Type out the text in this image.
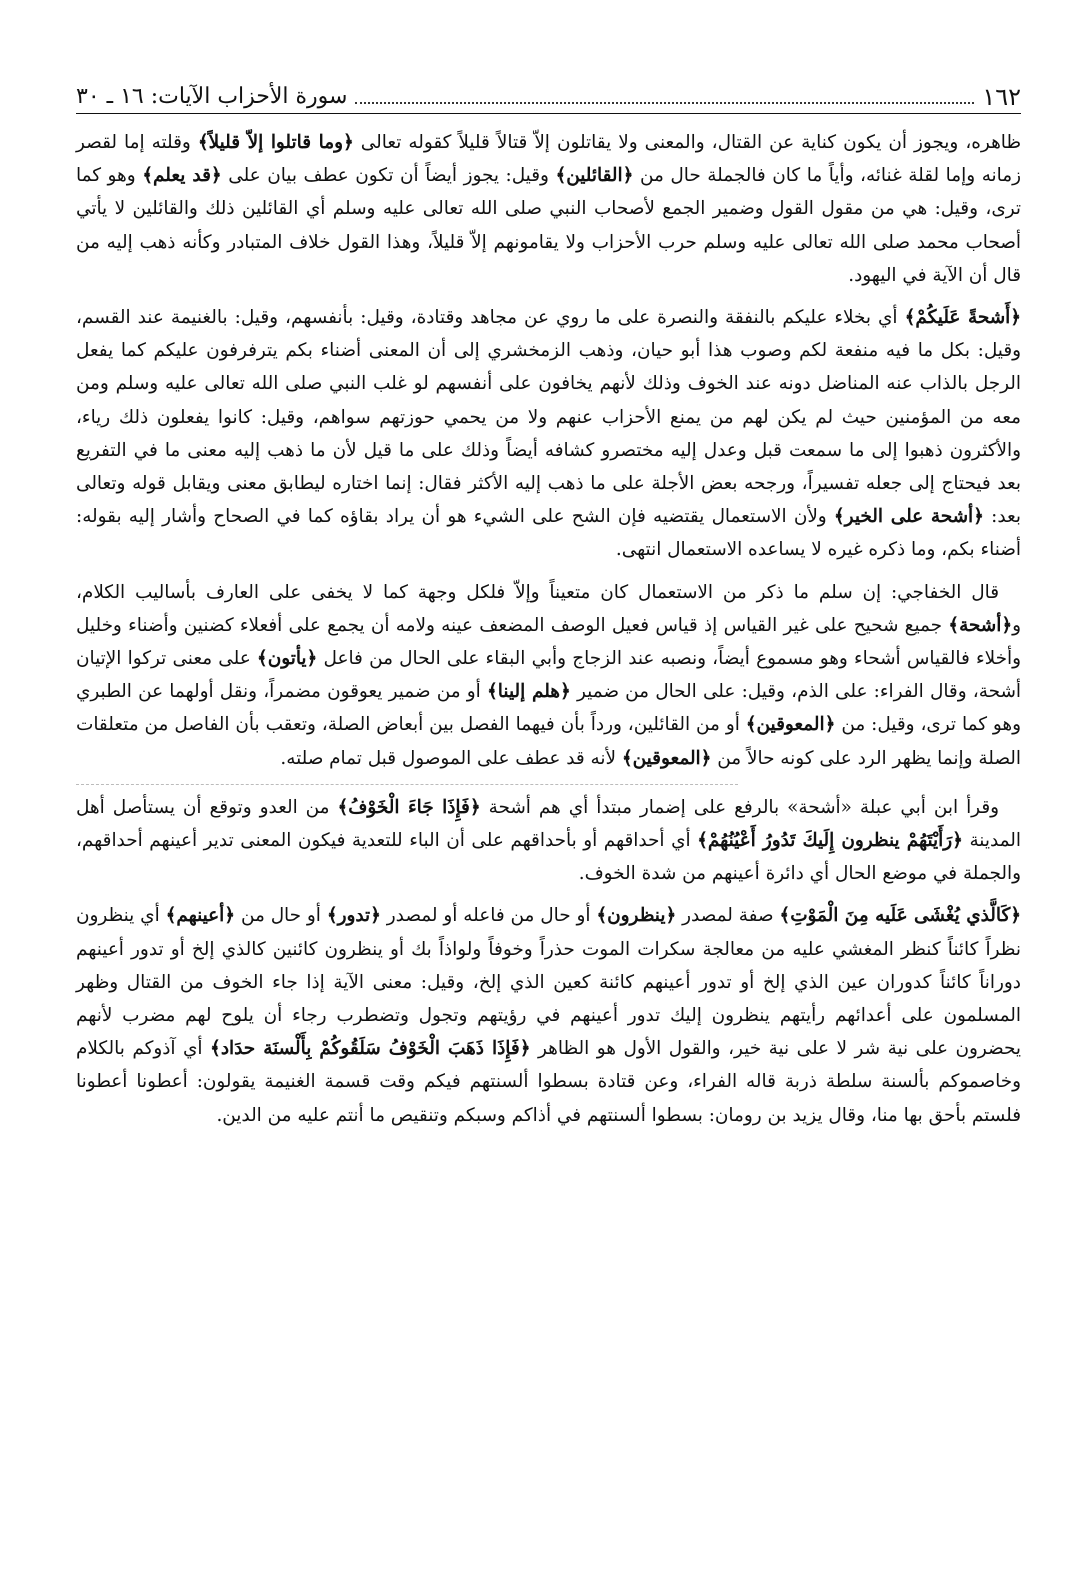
١٦٢
سورة الأحزاب الآيات: ١٦ ـ ٣٠

ظاهره، ويجوز أن يكون كناية عن القتال، والمعنى ولا يقاتلون إلاّ قتالاً قليلاً كقوله تعالى ﴿وما قاتلوا إلاّ قليلاً﴾ وقلته إما لقصر زمانه وإما لقلة غنائه، وأياً ما كان فالجملة حال من ﴿القائلين﴾ وقيل: يجوز أيضاً أن تكون عطف بيان على ﴿قد يعلم﴾ وهو كما ترى، وقيل: هي من مقول القول وضمير الجمع لأصحاب النبي صلى الله تعالى عليه وسلم أي القائلين ذلك والقائلين لا يأتي أصحاب محمد صلى الله تعالى عليه وسلم حرب الأحزاب ولا يقامونهم إلاّ قليلاً، وهذا القول خلاف المتبادر وكأنه ذهب إليه من قال أن الآية في اليهود.

﴿أَشحةً عَلَيكُمْ﴾ أي بخلاء عليكم بالنفقة والنصرة على ما روي عن مجاهد وقتادة، وقيل: بأنفسهم، وقيل: بالغنيمة عند القسم، وقيل: بكل ما فيه منفعة لكم وصوب هذا أبو حيان، وذهب الزمخشري إلى أن المعنى أضناء بكم يترفرفون عليكم كما يفعل الرجل بالذاب عنه المناضل دونه عند الخوف وذلك لأنهم يخافون على أنفسهم لو غلب النبي صلى الله تعالى عليه وسلم ومن معه من المؤمنين حيث لم يكن لهم من يمنع الأحزاب عنهم ولا من يحمي حوزتهم سواهم، وقيل: كانوا يفعلون ذلك رياء، والأكثرون ذهبوا إلى ما سمعت قبل وعدل إليه مختصرو كشافه أيضاً وذلك على ما قيل لأن ما ذهب إليه معنى ما في التفريع بعد فيحتاج إلى جعله تفسيراً، ورجحه بعض الأجلة على ما ذهب إليه الأكثر فقال: إنما اختاره ليطابق معنى ويقابل قوله وتعالى بعد: ﴿أشحة على الخير﴾ ولأن الاستعمال يقتضيه فإن الشح على الشيء هو أن يراد بقاؤه كما في الصحاح وأشار إليه بقوله: أضناء بكم، وما ذكره غيره لا يساعده الاستعمال انتهى.

قال الخفاجي: إن سلم ما ذكر من الاستعمال كان متعيناً وإلاّ فلكل وجهة كما لا يخفى على العارف بأساليب الكلام، و﴿أشحة﴾ جميع شحيح على غير القياس إذ قياس فعيل الوصف المضعف عينه ولامه أن يجمع على أفعلاء كضنين وأضناء وخليل وأخلاء فالقياس أشحاء وهو مسموع أيضاً، ونصبه عند الزجاج وأبي البقاء على الحال من فاعل ﴿يأتون﴾ على معنى تركوا الإتيان أشحة، وقال الفراء: على الذم، وقيل: على الحال من ضمير ﴿هلم إلينا﴾ أو من ضمير يعوقون مضمراً، ونقل أولهما عن الطبري وهو كما ترى، وقيل: من ﴿المعوقين﴾ أو من القائلين، ورداً بأن فيهما الفصل بين أبعاض الصلة، وتعقب بأن الفاصل من متعلقات الصلة وإنما يظهر الرد على كونه حالاً من ﴿المعوقين﴾ لأنه قد عطف على الموصول قبل تمام صلته.

وقرأ ابن أبي عبلة «أشحة» بالرفع على إضمار مبتدأ أي هم أشحة ﴿فَإِذَا جَاءَ الْخَوْفُ﴾ من العدو وتوقع أن يستأصل أهل المدينة ﴿رَأَيْتَهُمْ ينظرون إِلَيكَ تَدُورُ أَعْيُنُهُمْ﴾ أي أحداقهم أو بأحداقهم على أن الباء للتعدية فيكون المعنى تدير أعينهم أحداقهم، والجملة في موضع الحال أي دائرة أعينهم من شدة الخوف.

﴿كَالَّذي يُغْشَى عَلَيه مِنَ الْمَوْتِ﴾ صفة لمصدر ﴿ينظرون﴾ أو حال من فاعله أو لمصدر ﴿تدور﴾ أو حال من ﴿أعينهم﴾ أي ينظرون نظراً كائناً كنظر المغشي عليه من معالجة سكرات الموت حذراً وخوفاً ولواذاً بك أو ينظرون كائنين كالذي إلخ أو تدور أعينهم دوراناً كائناً كدوران عين الذي إلخ أو تدور أعينهم كائنة كعين الذي إلخ، وقيل: معنى الآية إذا جاء الخوف من القتال وظهر المسلمون على أعدائهم رأيتهم ينظرون إليك تدور أعينهم في رؤيتهم وتجول وتضطرب رجاء أن يلوح لهم مضرب لأنهم يحضرون على نية شر لا على نية خير، والقول الأول هو الظاهر ﴿فَإِذَا ذَهَبَ الْخَوْفُ سَلَقُوكُمْ بِأَلْسنَة حدَاد﴾ أي آذوكم بالكلام وخاصموكم بألسنة سلطة ذربة قاله الفراء، وعن قتادة بسطوا ألسنتهم فيكم وقت قسمة الغنيمة يقولون: أعطونا أعطونا فلستم بأحق بها منا، وقال يزيد بن رومان: بسطوا ألسنتهم في أذاكم وسبكم وتنقيص ما أنتم عليه من الدين.
